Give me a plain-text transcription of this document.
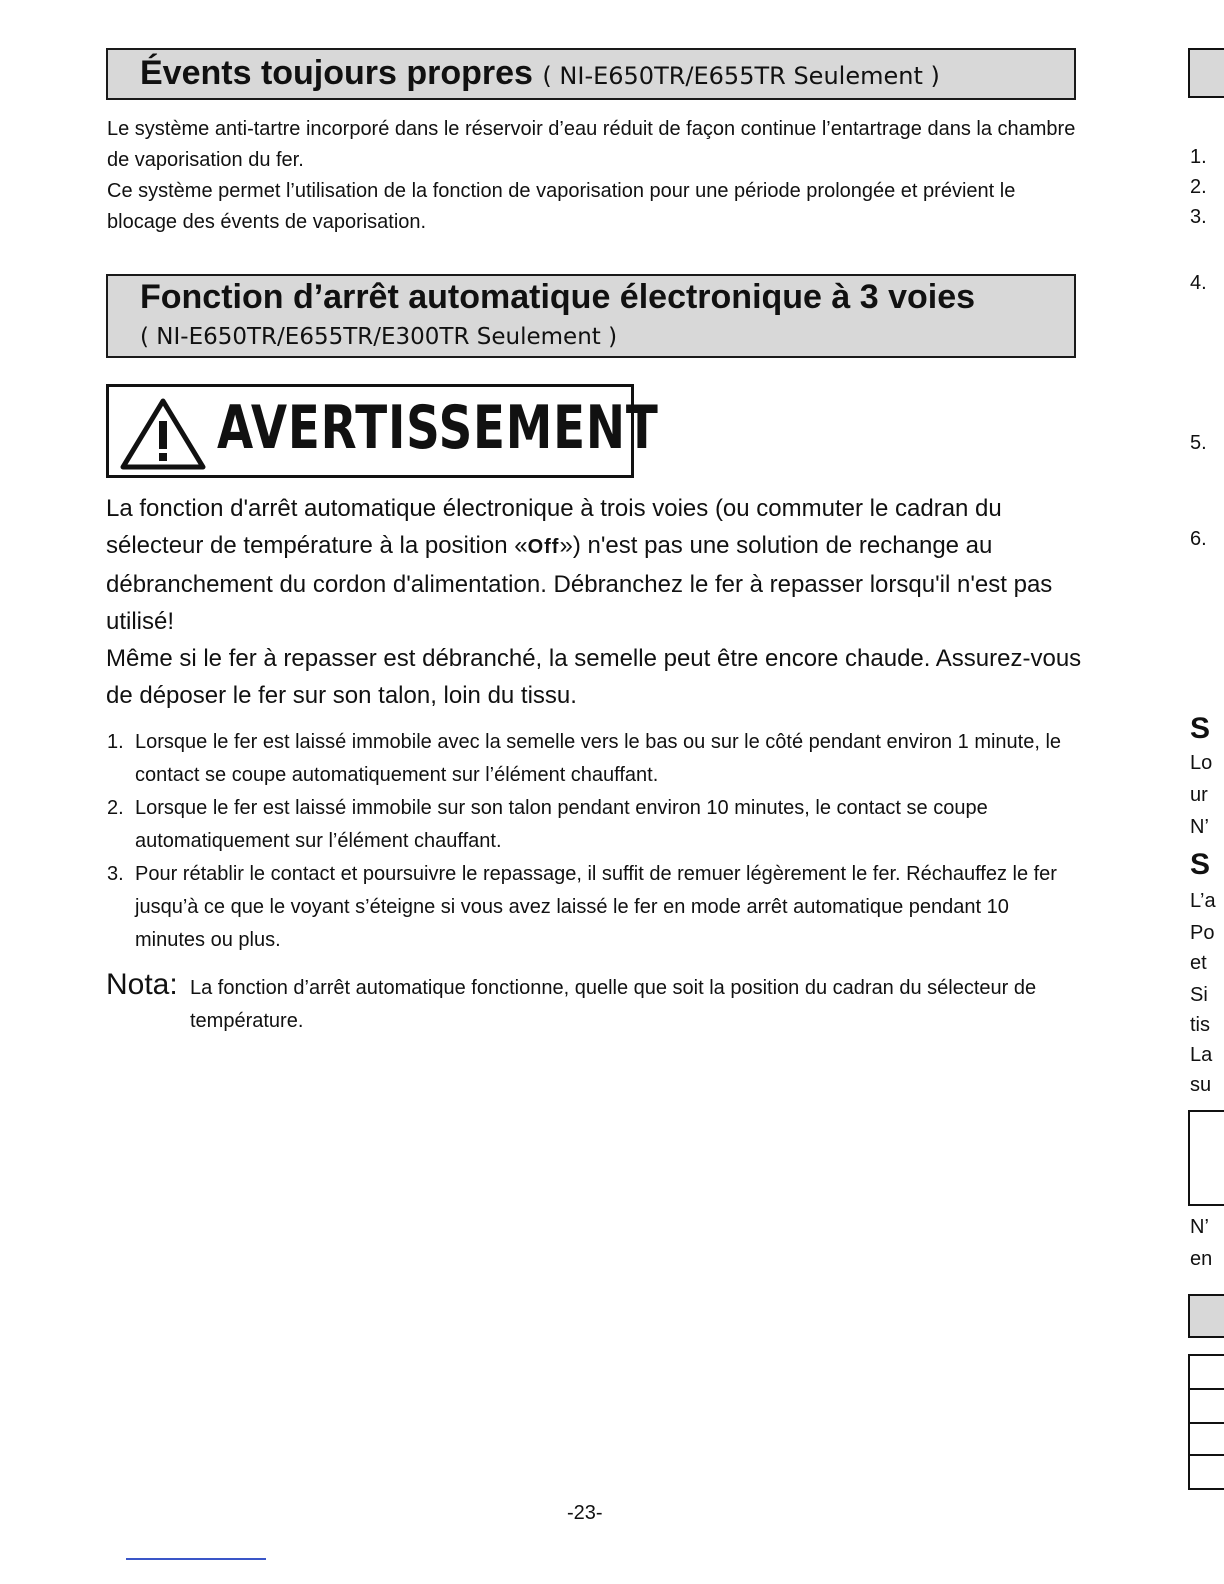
Évents toujours propres ( NI-E650TR/E655TR Seulement )
Le système anti-tartre incorporé dans le réservoir d’eau réduit de façon continue l’entartrage dans la chambre de vaporisation du fer.
Ce système permet l’utilisation de la fonction de vaporisation pour une période prolongée et prévient le blocage des évents de vaporisation.
Fonction d’arrêt automatique électronique à 3 voies
( NI-E650TR/E655TR/E300TR Seulement )
AVERTISSEMENT
La fonction d'arrêt automatique électronique à trois voies (ou commuter le cadran du sélecteur de température à la position «Off») n'est pas une solution de rechange au débranchement du cordon d'alimentation. Débranchez le fer à repasser lorsqu'il n'est pas utilisé!
Même si le fer à repasser est débranché, la semelle peut être encore chaude. Assurez-vous de déposer le fer sur son talon, loin du tissu.
1. Lorsque le fer est laissé immobile avec la semelle vers le bas ou sur le côté pendant environ 1 minute, le contact se coupe automatiquement sur l’élément chauffant.
2. Lorsque le fer est laissé immobile sur son talon pendant environ 10 minutes, le contact se coupe automatiquement sur l’élément chauffant.
3. Pour rétablir le contact et poursuivre le repassage, il suffit de remuer légèrement le fer. Réchauffez le fer jusqu’à ce que le voyant s’éteigne si vous avez laissé le fer en mode arrêt automatique pendant 10 minutes ou plus.
Nota: La fonction d’arrêt automatique fonctionne, quelle que soit la position du cadran du sélecteur de température.
-23-
1.
2.
3.
4.
5.
6.
S
Lo
ur
N’
S
L’a
Po
et
Si
tis
La
su
N’
en
